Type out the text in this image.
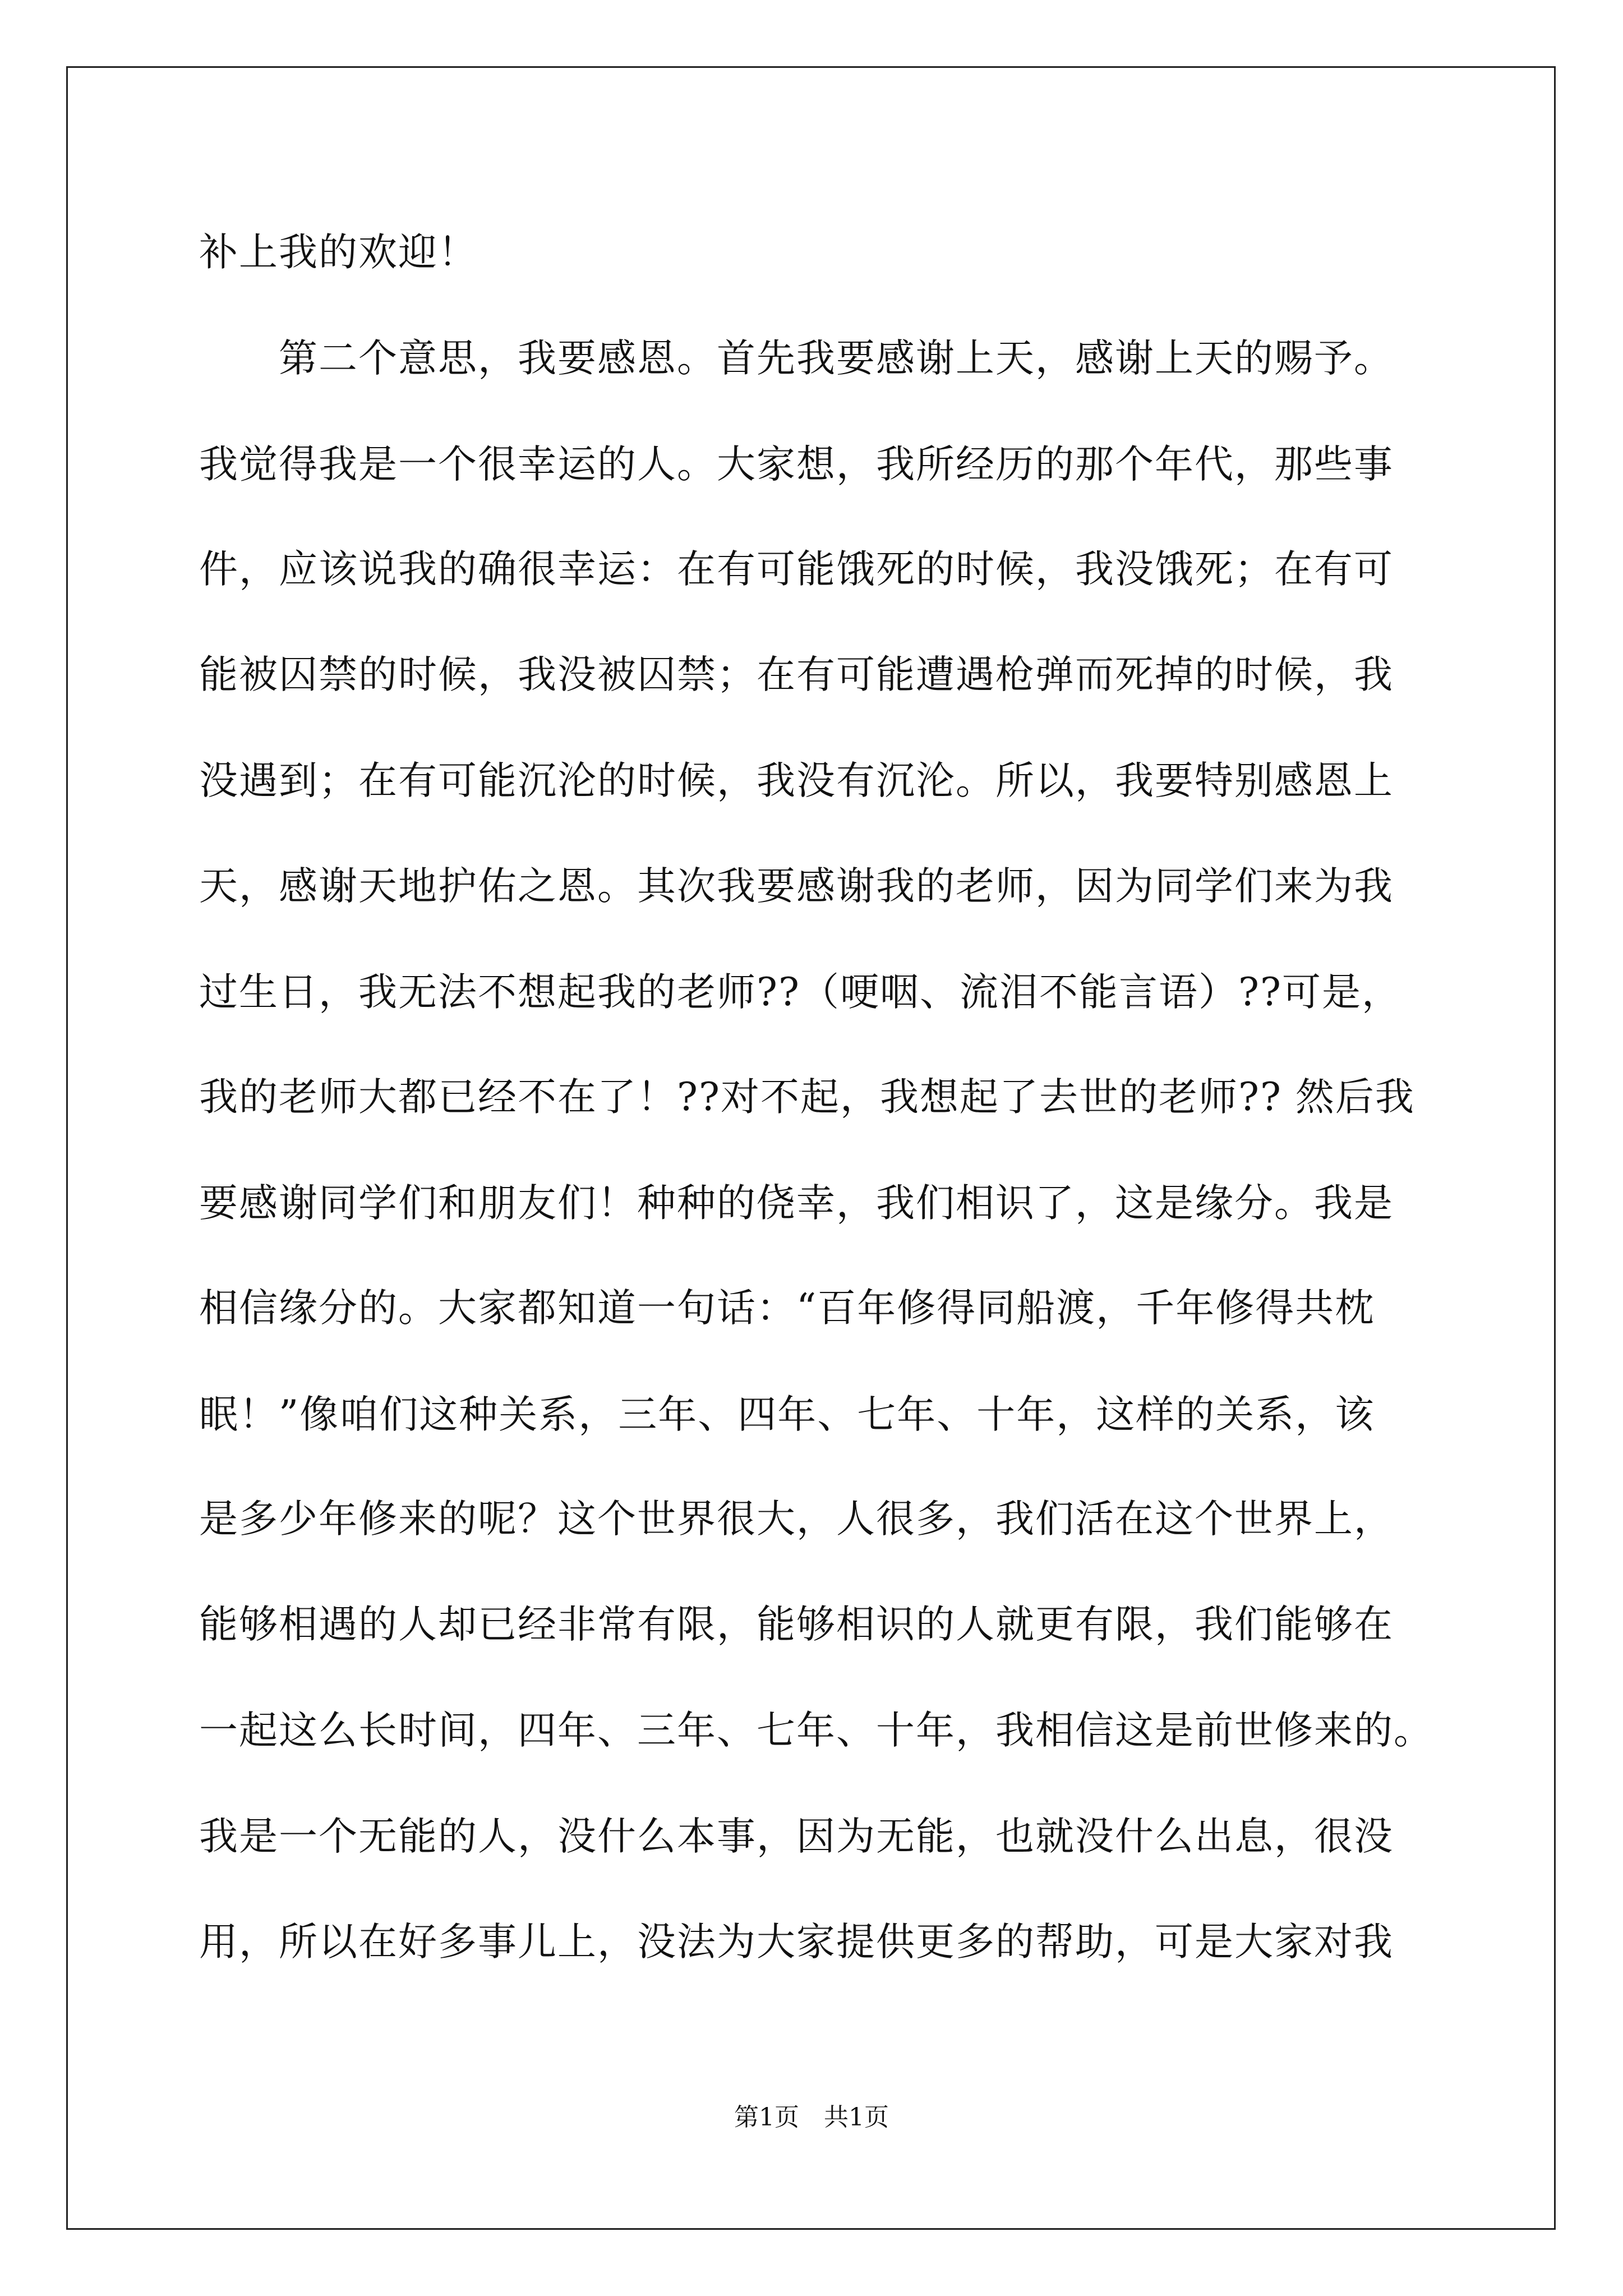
补上我的欢迎！
　　第二个意思，我要感恩。首先我要感谢上天，感谢上天的赐予。
我觉得我是一个很幸运的人。大家想，我所经历的那个年代，那些事
件，应该说我的确很幸运：在有可能饿死的时候，我没饿死；在有可
能被囚禁的时候，我没被囚禁；在有可能遭遇枪弹而死掉的时候，我
没遇到；在有可能沉沦的时候，我没有沉沦。所以，我要特别感恩上
天，感谢天地护佑之恩。其次我要感谢我的老师，因为同学们来为我
过生日，我无法不想起我的老师??（哽咽、流泪不能言语）??可是，
我的老师大都已经不在了！??对不起，我想起了去世的老师?? 然后我
要感谢同学们和朋友们！种种的侥幸，我们相识了，这是缘分。我是
相信缘分的。大家都知道一句话：“百年修得同船渡，千年修得共枕
眠！”像咱们这种关系，三年、四年、七年、十年，这样的关系，该
是多少年修来的呢？这个世界很大，人很多，我们活在这个世界上，
能够相遇的人却已经非常有限，能够相识的人就更有限，我们能够在
一起这么长时间，四年、三年、七年、十年，我相信这是前世修来的。
我是一个无能的人，没什么本事，因为无能，也就没什么出息，很没
用，所以在好多事儿上，没法为大家提供更多的帮助，可是大家对我
第1页　共1页
